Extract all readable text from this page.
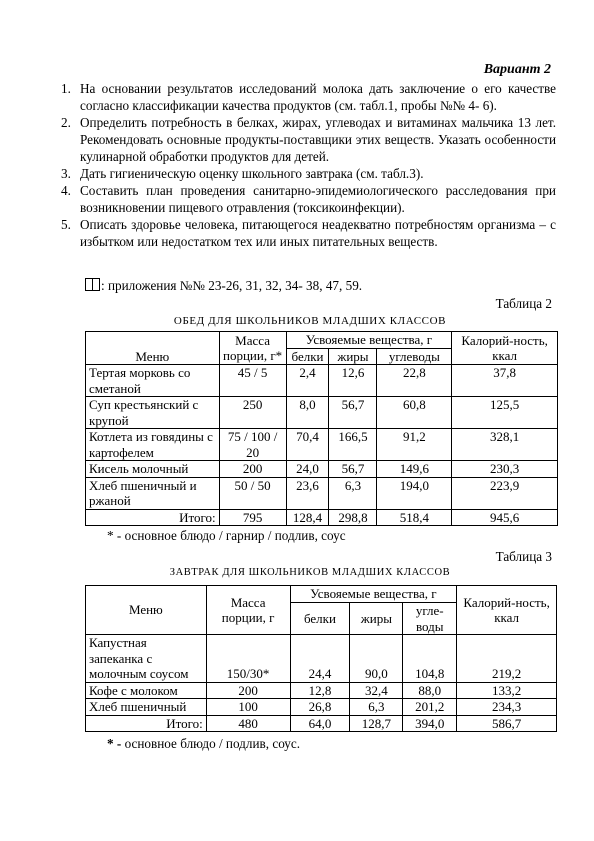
Вариант 2
1. На основании результатов исследований молока дать заключение о его качестве согласно классификации качества продуктов (см. табл.1, пробы №№ 4- 6).
2. Определить потребность в белках, жирах, углеводах и витаминах мальчика 13 лет. Рекомендовать основные продукты-поставщики этих веществ. Указать особенности кулинарной обработки продуктов для детей.
3. Дать гигиеническую оценку школьного завтрака (см. табл.3).
4. Составить план проведения санитарно-эпидемиологического расследования при возникновении пищевого отравления (токсикоинфекции).
5. Описать здоровье человека, питающегося неадекватно потребностям организма – с избытком или недостатком тех или иных питательных веществ.
: приложения №№ 23-26, 31, 32, 34- 38, 47, 59.
Таблица 2
ОБЕД ДЛЯ ШКОЛЬНИКОВ МЛАДШИХ КЛАССОВ
Меню	Масса порции, г*	Усвояемые вещества, г			Калорий-ность, ккал
		белки	жиры	углеводы	
Тертая морковь со сметаной	45 / 5	2,4	12,6	22,8	37,8
Суп крестьянский с крупой	250	8,0	56,7	60,8	125,5
Котлета из говядины с картофелем	75 / 100 / 20	70,4	166,5	91,2	328,1
Кисель молочный	200	24,0	56,7	149,6	230,3
Хлеб пшеничный и ржаной	50 / 50	23,6	6,3	194,0	223,9
Итого:	795	128,4	298,8	518,4	945,6
* - основное блюдо / гарнир / подлив, соус
Таблица 3
ЗАВТРАК ДЛЯ ШКОЛЬНИКОВ МЛАДШИХ КЛАССОВ
Меню	Масса порции, г	Усвояемые вещества, г			Калорий-ность, ккал
		белки	жиры	угле-воды	
Капустная запеканка с молочным соусом	150/30*	24,4	90,0	104,8	219,2
Кофе с молоком	200	12,8	32,4	88,0	133,2
Хлеб пшеничный	100	26,8	6,3	201,2	234,3
Итого:	480	64,0	128,7	394,0	586,7
* - основное блюдо / подлив, соус.
